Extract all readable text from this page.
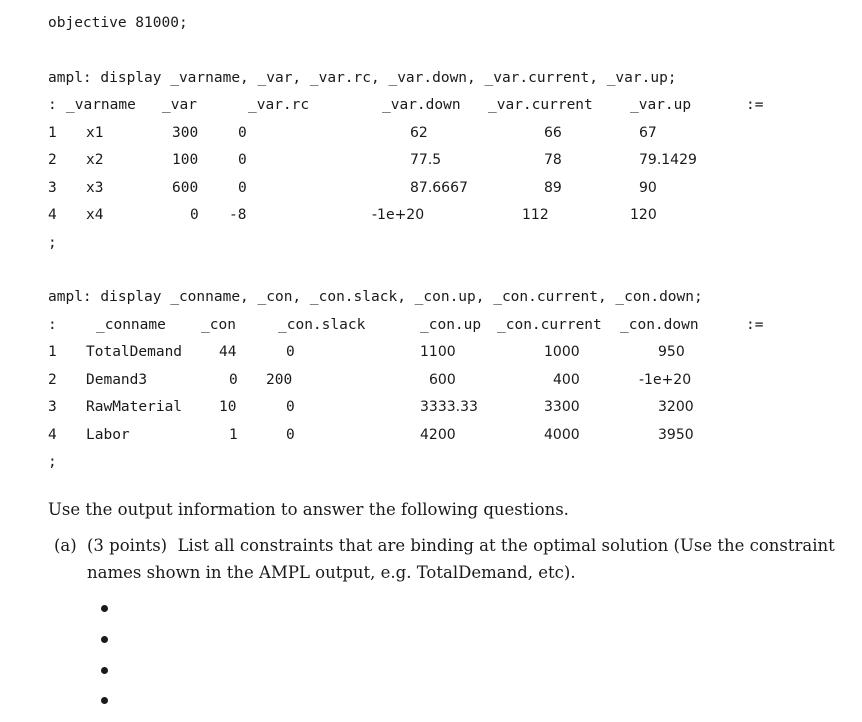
objective 81000;
ampl: display _varname, _var, _var.rc, _var.down, _var.current, _var.up;
: _varname _var	_var.rc	_var.down _var.current	_var.up	:=
1 x1	300	0	62	66	67
2 x2	100	0	77.5	78	79.1429
3 x3	600	0	87.6667	89	90
4 x4	0 -8	-1e+20	112	120
;
ampl: display _conname, _con, _con.slack, _con.up, _con.current, _con.down;
:	_conname _con	_con.slack	_con.up _con.current _con.down	:=
1 TotalDemand	44	0	1100	1000	950
2 Demand3	0 200	600	400	-1e+20
3 RawMaterial	10	0	3333.33	3300	3200
4 Labor	1	0	4200	4000	3950
;
Use the output information to answer the following questions.
(a) (3 points)  List all constraints that are binding at the optimal solution (Use the constraint
names shown in the AMPL output, e.g. TotalDemand, etc).
